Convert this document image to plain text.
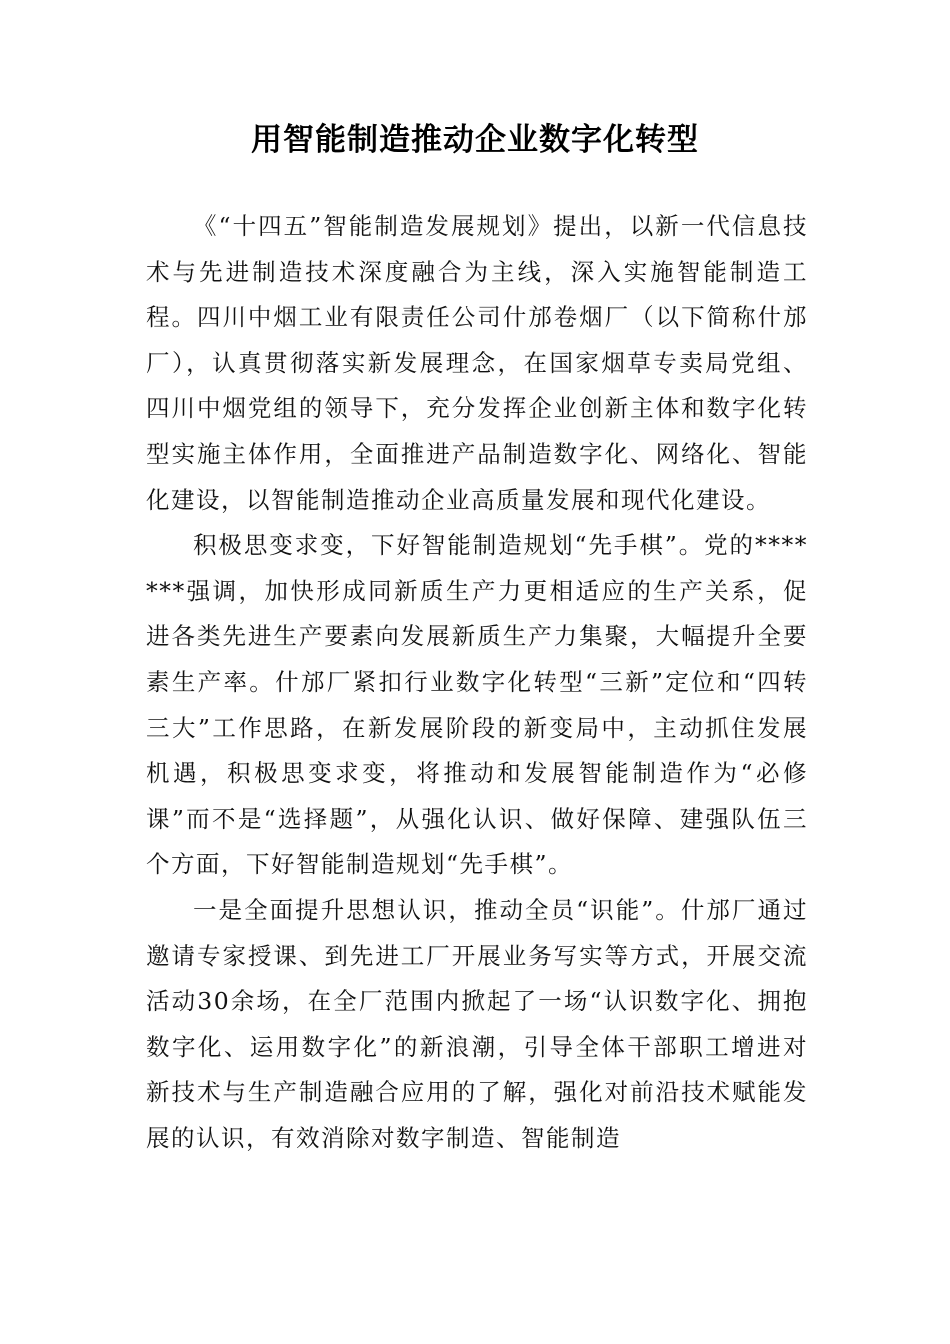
用智能制造推动企业数字化转型

《“十四五”智能制造发展规划》提出，以新一代信息技术与先进制造技术深度融合为主线，深入实施智能制造工程。四川中烟工业有限责任公司什邡卷烟厂（以下简称什邡厂），认真贯彻落实新发展理念，在国家烟草专卖局党组、四川中烟党组的领导下，充分发挥企业创新主体和数字化转型实施主体作用，全面推进产品制造数字化、网络化、智能化建设，以智能制造推动企业高质量发展和现代化建设。

积极思变求变，下好智能制造规划“先手棋”。党的*******强调，加快形成同新质生产力更相适应的生产关系，促进各类先进生产要素向发展新质生产力集聚，大幅提升全要素生产率。什邡厂紧扣行业数字化转型“三新”定位和“四转三大”工作思路，在新发展阶段的新变局中，主动抓住发展机遇，积极思变求变，将推动和发展智能制造作为“必修课”而不是“选择题”，从强化认识、做好保障、建强队伍三个方面，下好智能制造规划“先手棋”。

一是全面提升思想认识，推动全员“识能”。什邡厂通过邀请专家授课、到先进工厂开展业务写实等方式，开展交流活动30余场，在全厂范围内掀起了一场“认识数字化、拥抱数字化、运用数字化”的新浪潮，引导全体干部职工增进对新技术与生产制造融合应用的了解，强化对前沿技术赋能发展的认识，有效消除对数字制造、智能制造
